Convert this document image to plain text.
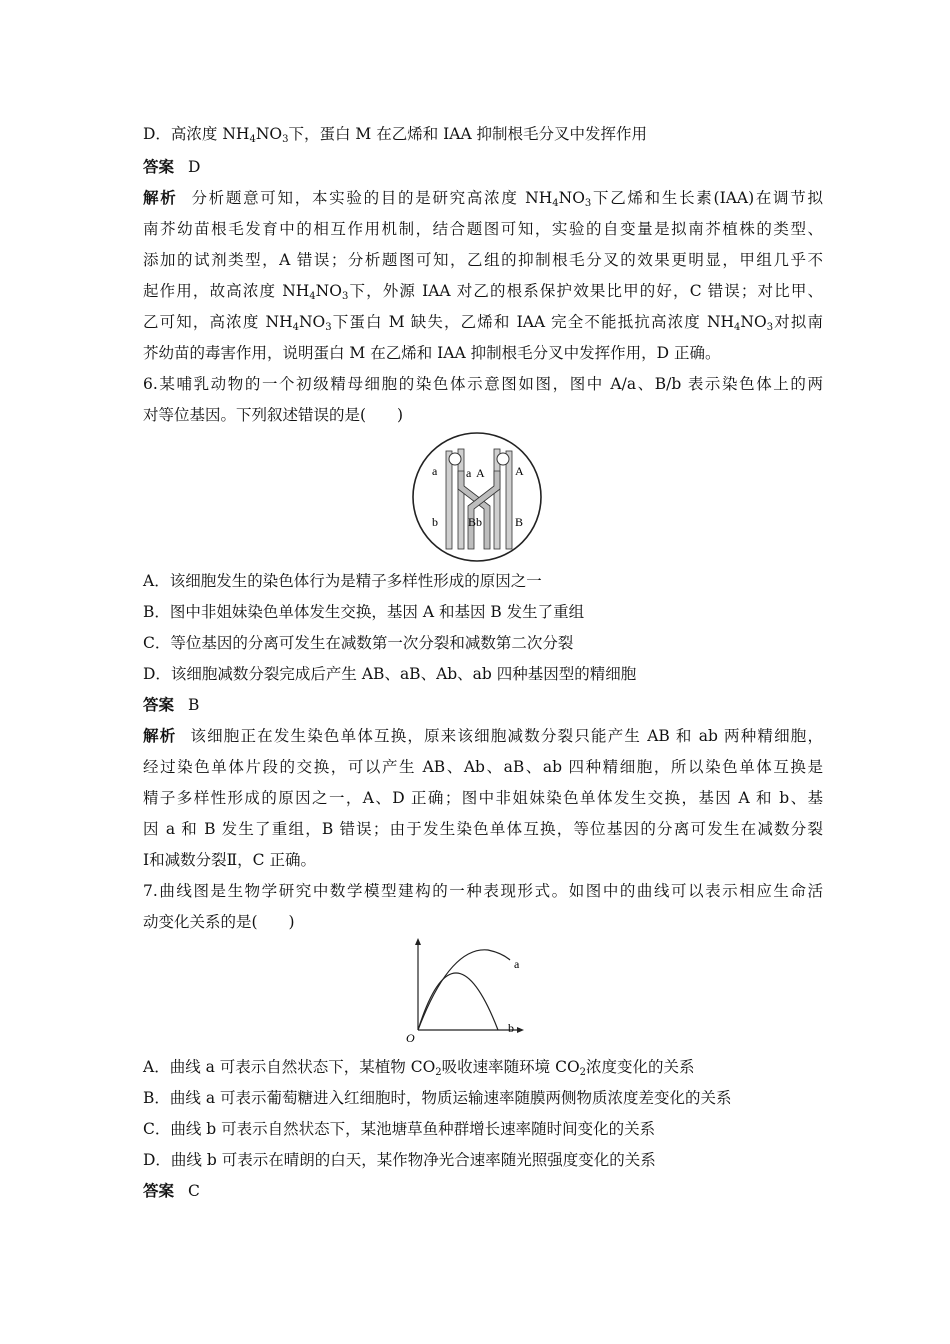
D．高浓度 $NH_4NO_3$下，蛋白 M 在乙烯和 IAA 抑制根毛分叉中发挥作用
答案 D
解析 分析题意可知，本实验的目的是研究高浓度 $NH_4NO_3$下乙烯和生长素(IAA)在调节拟
南芥幼苗根毛发育中的相互作用机制，结合题图可知，实验的自变量是拟南芥植株的类型、
添加的试剂类型，A 错误；分析题图可知，乙组的抑制根毛分叉的效果更明显，甲组几乎不
起作用，故高浓度 $NH_4NO_3$下，外源 IAA 对乙的根系保护效果比甲的好，C 错误；对比甲、
乙可知，高浓度 $NH_4NO_3$下蛋白 M 缺失，乙烯和 IAA 完全不能抵抗高浓度 $NH_4NO_3$对拟南
芥幼苗的毒害作用，说明蛋白 M 在乙烯和 IAA 抑制根毛分叉中发挥作用，D 正确。
6.某哺乳动物的一个初级精母细胞的染色体示意图如图，图中 A/a、B/b 表示染色体上的两
对等位基因。下列叙述错误的是(　　)
a a A	A
b	Bb	B
A．该细胞发生的染色体行为是精子多样性形成的原因之一
B．图中非姐妹染色单体发生交换，基因 A 和基因 B 发生了重组
C．等位基因的分离可发生在减数第一次分裂和减数第二次分裂
D．该细胞减数分裂完成后产生 AB、aB、Ab、ab 四种基因型的精细胞
答案 B
解析 该细胞正在发生染色单体互换，原来该细胞减数分裂只能产生 AB 和 ab 两种精细胞，
经过染色单体片段的交换，可以产生 AB、Ab、aB、ab 四种精细胞，所以染色单体互换是
精子多样性形成的原因之一，A、D 正确；图中非姐妹染色单体发生交换，基因 A 和 b、基
因 a 和 B 发生了重组，B 错误；由于发生染色单体互换，等位基因的分离可发生在减数分裂
Ⅰ和减数分裂Ⅱ，C 正确。
7.曲线图是生物学研究中数学模型建构的一种表现形式。如图中的曲线可以表示相应生命活
动变化关系的是(　　)
O
a
b
A．曲线 a 可表示自然状态下，某植物 $CO_2$吸收速率随环境 $CO_2$浓度变化的关系
B．曲线 a 可表示葡萄糖进入红细胞时，物质运输速率随膜两侧物质浓度差变化的关系
C．曲线 b 可表示自然状态下，某池塘草鱼种群增长速率随时间变化的关系
D．曲线 b 可表示在晴朗的白天，某作物净光合速率随光照强度变化的关系
答案 C
